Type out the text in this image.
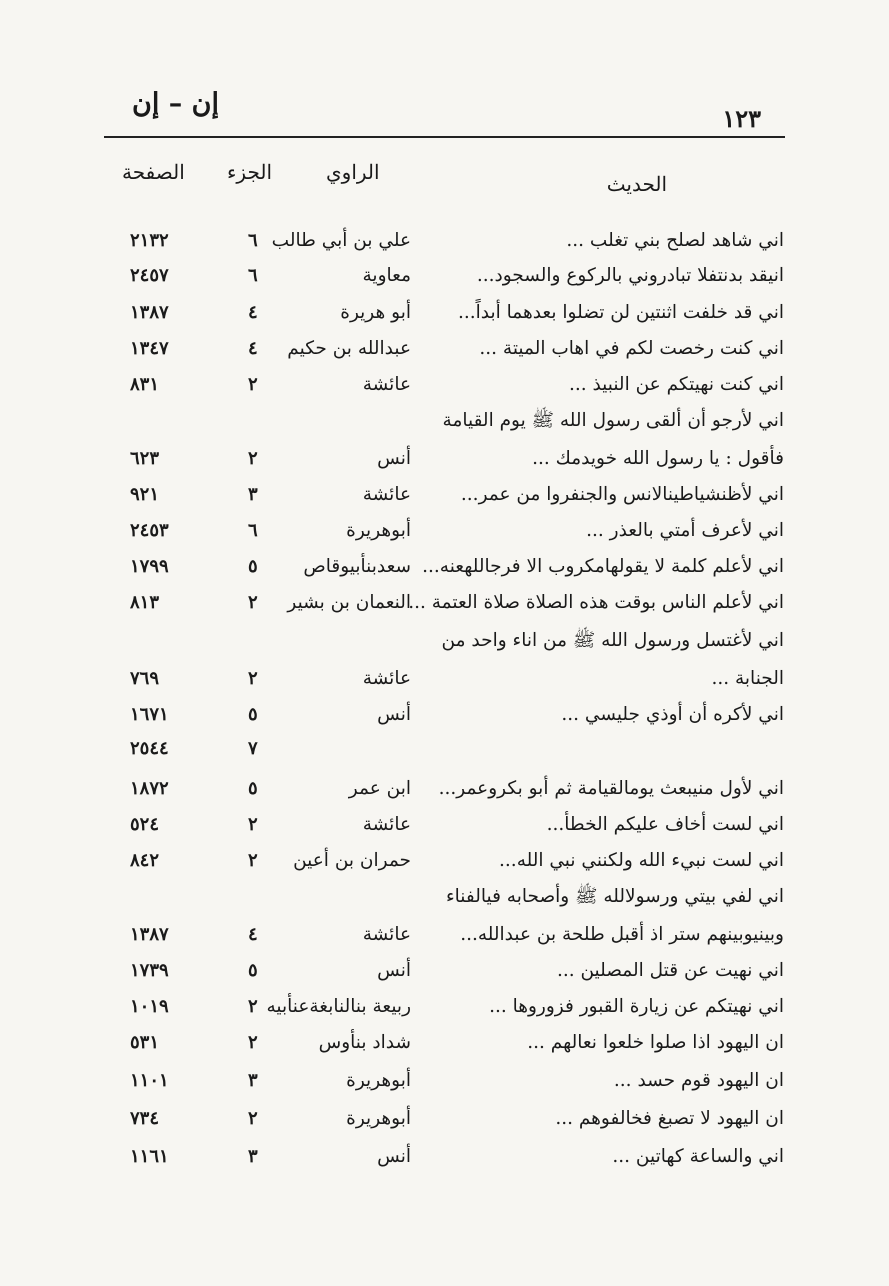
إن – إن	١٢٣
الحديث
الراوي
الجزء
الصفحة
اني شاهد لصلح بني تغلب ...
علي بن أبي طالب
٦
٢١٣٢
انيقد بدنتفلا تبادروني بالركوع والسجود...
معاوية
٦
٢٤٥٧
اني قد خلفت اثنتين لن تضلوا بعدهما أبداً...
أبو هريرة
٤
١٣٨٧
اني كنت رخصت لكم في اهاب الميتة ...
عبدالله بن حكيم
٤
١٣٤٧
اني كنت نهيتكم عن النبيذ ...
عائشة
٢
٨٣١
اني لأرجو أن ألقى رسول الله ﷺ يوم القيامة
فأقول : يا رسول الله خويدمك ...
أنس
٢
٦٢٣
اني لأظنشياطينالانس والجنفروا من عمر...
عائشة
٣
٩٢١
اني لأعرف أمتي بالعذر ...
أبوهريرة
٦
٢٤٥٣
اني لأعلم كلمة لا يقولهامكروب الا فرجاللهعنه...
سعدبنأبيوقاص
٥
١٧٩٩
اني لأعلم الناس بوقت هذه الصلاة صلاة العتمة ...
النعمان بن بشير
٢
٨١٣
اني لأغتسل ورسول الله ﷺ من اناء واحد من
الجنابة ...
عائشة
٢
٧٦٩
اني لأكره أن أوذي جليسي ...
أنس
٥
١٦٧١
٧
٢٥٤٤
اني لأول منيبعث يومالقيامة ثم أبو بكروعمر...
ابن عمر
٥
١٨٧٢
اني لست أخاف عليكم الخطأ...
عائشة
٢
٥٢٤
اني لست نبيء الله ولكنني نبي الله...
حمران بن أعين
٢
٨٤٢
اني لفي بيتي ورسولالله ﷺ وأصحابه فيالفناء
وبينيوبينهم ستر اذ أقبل طلحة بن عبدالله...
عائشة
٤
١٣٨٧
اني نهيت عن قتل المصلين ...
أنس
٥
١٧٣٩
اني نهيتكم عن زيارة القبور فزوروها ...
ربيعة بنالنابغةعنأبيه
٢
١٠١٩
ان اليهود اذا صلوا خلعوا نعالهم ...
شداد بنأوس
٢
٥٣١
ان اليهود قوم حسد ...
أبوهريرة
٣
١١٠١
ان اليهود لا تصبغ فخالفوهم ...
أبوهريرة
٢
٧٣٤
اني والساعة كهاتين ...
أنس
٣
١١٦١
